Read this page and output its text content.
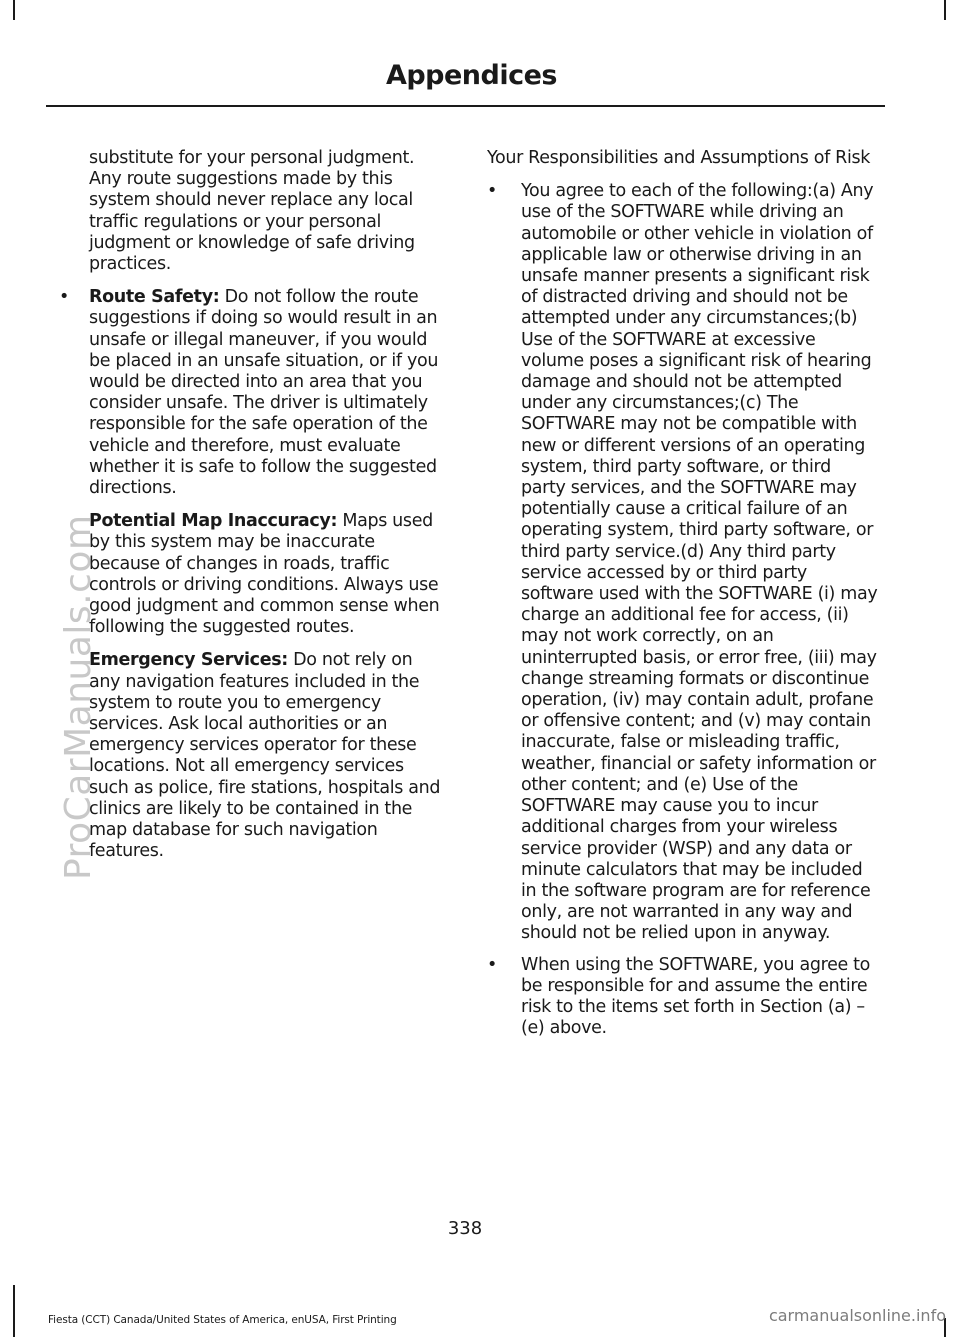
Appendices
ProCarManuals.com

substitute for your personal judgment. Any route suggestions made by this system should never replace any local traffic regulations or your personal judgment or knowledge of safe driving practices.

• Route Safety: Do not follow the route suggestions if doing so would result in an unsafe or illegal maneuver, if you would be placed in an unsafe situation, or if you would be directed into an area that you consider unsafe. The driver is ultimately responsible for the safe operation of the vehicle and therefore, must evaluate whether it is safe to follow the suggested directions.
Potential Map Inaccuracy: Maps used by this system may be inaccurate because of changes in roads, traffic controls or driving conditions. Always use good judgment and common sense when following the suggested routes.
Emergency Services: Do not rely on any navigation features included in the system to route you to emergency services. Ask local authorities or an emergency services operator for these locations. Not all emergency services such as police, fire stations, hospitals and clinics are likely to be contained in the map database for such navigation features.

Your Responsibilities and Assumptions of Risk

• You agree to each of the following:(a) Any use of the SOFTWARE while driving an automobile or other vehicle in violation of applicable law or otherwise driving in an unsafe manner presents a significant risk of distracted driving and should not be attempted under any circumstances;(b) Use of the SOFTWARE at excessive volume poses a significant risk of hearing damage and should not be attempted under any circumstances;(c) The SOFTWARE may not be compatible with new or different versions of an operating system, third party software, or third party services, and the SOFTWARE may potentially cause a critical failure of an operating system, third party software, or third party service.(d) Any third party service accessed by or third party software used with the SOFTWARE (i) may charge an additional fee for access, (ii) may not work correctly, on an uninterrupted basis, or error free, (iii) may change streaming formats or discontinue operation, (iv) may contain adult, profane or offensive content; and (v) may contain inaccurate, false or misleading traffic, weather, financial or safety information or other content; and (e) Use of the SOFTWARE may cause you to incur additional charges from your wireless service provider (WSP) and any data or minute calculators that may be included in the software program are for reference only, are not warranted in any way and should not be relied upon in anyway.
• When using the SOFTWARE, you agree to be responsible for and assume the entire risk to the items set forth in Section (a) – (e) above.
338
Fiesta (CCT) Canada/United States of America, enUSA, First Printing	carmanualsonline.info
